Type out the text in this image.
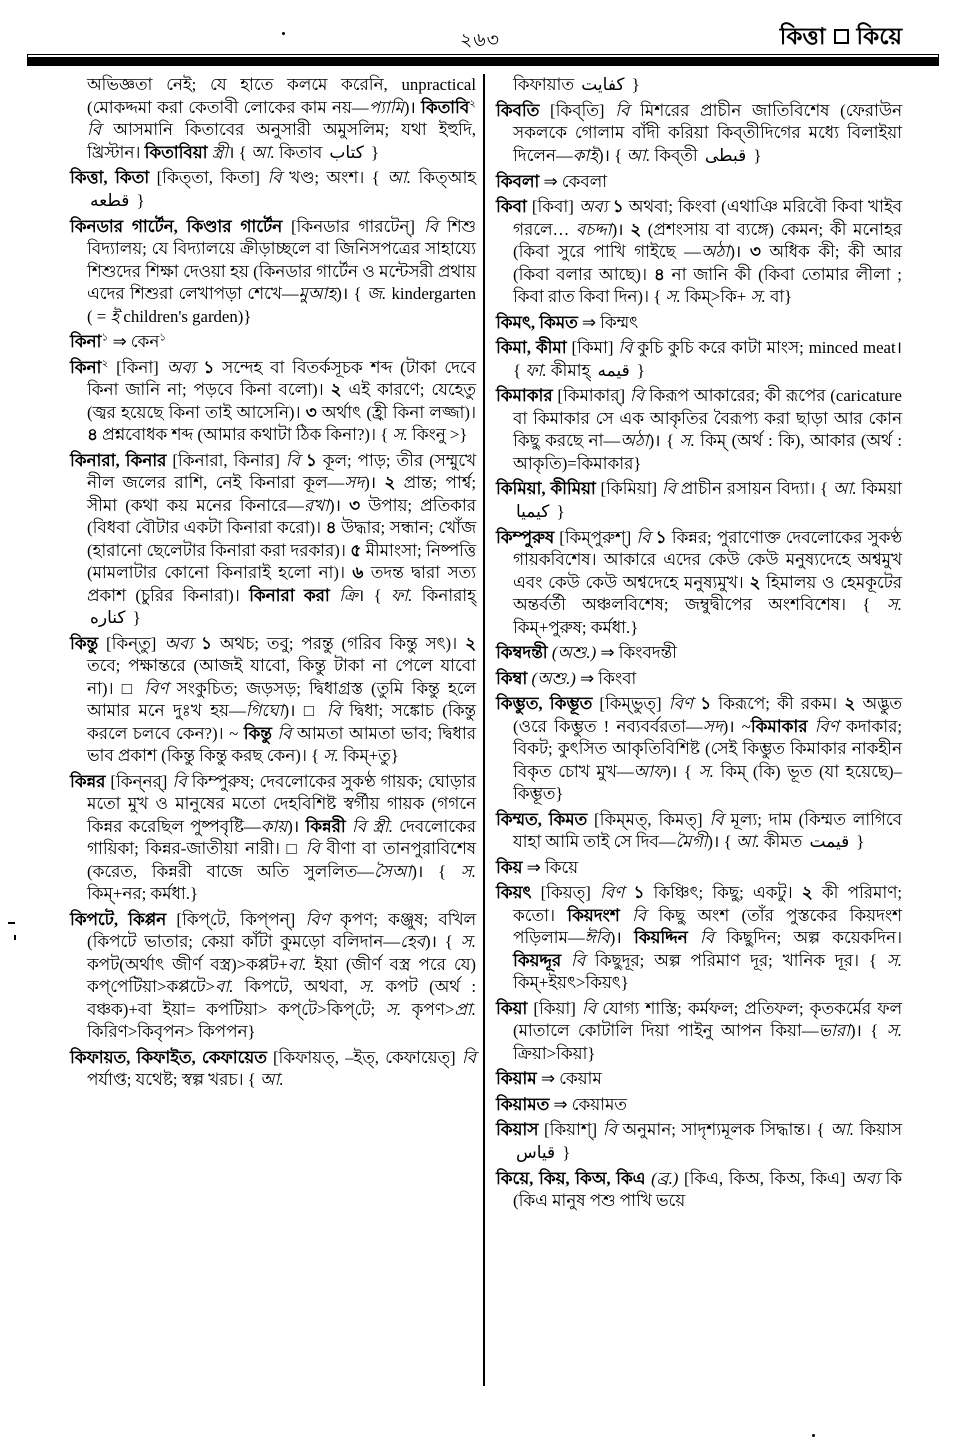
২৬৩	কিত্তা কিয়ে

অভিজ্ঞতা নেই; যে হাতে কলমে করেনি, unpractical (মোকদ্দমা করা কেতাবী লোকের কাম নয়—প্যামি)। কিতাবি$^২$ বি আসমানি কিতাবের অনুসারী অমুসলিম; যথা ইহুদি, খ্রিস্টান। কিতাবিয়া স্ত্রী। { আ. কিতাব كتاب }

কিত্তা, কিতা [কিত্‌তা, কিতা] বি খণ্ড; অংশ। { আ. কিত্‌আহ قطعه }

কিনডার গার্টেন, কিণ্ডার গার্টেন [কিনডার গারটেন্] বি শিশু বিদ্যালয়; যে বিদ্যালয়ে ক্রীড়াচ্ছলে বা জিনিসপত্রের সাহায্যে শিশুদের শিক্ষা দেওয়া হয় (কিনডার গার্টেন ও মন্টেসরী প্রথায় এদের শিশুরা লেখাপড়া শেখে—মুআহ)। { জ. kindergarten ( = ই children's garden)}

কিনা$^১$ ⇒ কেন$^১$

কিনা$^২$ [কিনা] অব্য ১ সন্দেহ বা বিতর্কসূচক শব্দ (টাকা দেবে কিনা জানি না; পড়বে কিনা বলো)। ২ এই কারণে; যেহেতু (জ্বর হয়েছে কিনা তাই আসেনি)। ৩ অর্থাৎ (হ্রী কিনা লজ্জা)। ৪ প্রশ্নবোধক শব্দ (আমার কথাটা ঠিক কিনা?)। { স. কিংনু >}

কিনারা, কিনার [কিনারা, কিনার] বি ১ কূল; পাড়; তীর (সম্মুখে নীল জলের রাশি, নেই কিনারা কূল—সদ)। ২ প্রান্ত; পার্শ্ব; সীমা (কথা কয় মনের কিনারে—রখা)। ৩ উপায়; প্রতিকার (বিধবা বৌটার একটা কিনারা করো)। ৪ উদ্ধার; সন্ধান; খোঁজ (হারানো ছেলেটার কিনারা করা দরকার)। ৫ মীমাংসা; নিষ্পত্তি (মামলাটার কোনো কিনারাই হলো না)। ৬ তদন্ত দ্বারা সত্য প্রকাশ (চুরির কিনারা)। কিনারা করা ক্রি। { ফা. কিনারাহ্ كناره }

কিন্তু [কিন্‌তু] অব্য ১ অথচ; তবু; পরন্তু (গরিব কিন্তু সৎ)। ২ তবে; পক্ষান্তরে (আজই যাবো, কিন্তু টাকা না পেলে যাবো না)। □ বিণ সংকুচিত; জড়সড়; দ্বিধাগ্রস্ত (তুমি কিন্তু হলে আমার মনে দুঃখ হয়—গিঘো)। □ বি দ্বিধা; সঙ্কোচ (কিন্তু করলে চলবে কেন?)। ~ কিন্তু বি আমতা আমতা ভাব; দ্বিধার ভাব প্রকাশ (কিন্তু কিন্তু করছ কেন)। { স. কিম্+তু}

কিন্নর [কিন্‌নর্] বি কিম্পুরুষ; দেবলোকের সুকণ্ঠ গায়ক; ঘোড়ার মতো মুখ ও মানুষের মতো দেহবিশিষ্ট স্বর্গীয় গায়ক (গগনে কিন্নর করেছিল পুষ্পবৃষ্টি—কায়)। কিন্নরী বি স্ত্রী. দেবলোকের গায়িকা; কিন্নর-জাতীয়া নারী। □ বি বীণা বা তানপুরাবিশেষ (করেত, কিন্নরী বাজে অতি সুললিত—সৈআ)। { স. কিম্+নর; কর্মধা.}

কিপটে, কিপ্পন [কিপ্‌টে, কিপ্‌পন্] বিণ কৃপণ; কঞ্জুষ; বখিল (কিপটে ভাতার; কেয়া কাঁটা কুমড়ো বলিদান—হেব)। { স. কপট(অর্থাৎ জীর্ণ বস্ত্র)>কপ্পট+বা. ইয়া (জীর্ণ বস্ত্র পরে যে) কপ্‌পেটিয়া>কপ্পটে>বা. কিপটে, অথবা, স. কপট (অর্থ : বঞ্চক)+বা ইয়া= কপটিয়া> কপ্‌টে>কিপ্‌টে; স. কৃপণ>প্রা. কিরিণ>কিবৃপন> কিপপন}

কিফায়ত, কিফাইত, কেফায়েত [কিফায়ত্, –ইত্, কেফায়েত্] বি পর্যাপ্ত; যথেষ্ট; স্বল্প খরচ। { আ.

কিফায়াত كفايت }

কিবতি [কিব্‌তি] বি মিশরের প্রাচীন জাতিবিশেষ (ফেরাউন সকলকে গোলাম বাঁদী করিয়া কিব্‌তীদিগের মধ্যে বিলাইয়া দিলেন—কাই)। { আ. কিব্‌তী قبطى }

কিবলা ⇒ কেবলা

কিবা [কিবা] অব্য ১ অথবা; কিংবা (এথাঞি মরিবৌ কিবা খাইব গরলে… বচদ্দা)। ২ (প্রশংসায় বা ব্যঙ্গে) কেমন; কী মনোহর (কিবা সুরে পাখি গাইছে —অঠা)। ৩ অধিক কী; কী আর (কিবা বলার আছে)। ৪ না জানি কী (কিবা তোমার লীলা ; কিবা রাত কিবা দিন)। { স. কিম্>কি+ স. বা}

কিমৎ, কিমত ⇒ কিম্মৎ

কিমা, কীমা [কিমা] বি কুচি কুচি করে কাটা মাংস; minced meat। { ফা. কীমাহ্ قيمه }

কিমাকার [কিমাকার্] বি কিরূপ আকারের; কী রূপের (caricature বা কিমাকার সে এক আকৃতির বৈরূপ্য করা ছাড়া আর কোন কিছু করছে না—অঠা)। { স. কিম্ (অর্থ : কি), আকার (অর্থ : আকৃতি)=কিমাকার}

কিমিয়া, কীমিয়া [কিমিয়া] বি প্রাচীন রসায়ন বিদ্যা। { আ. কিময়া كيميا }

কিম্পুরুষ [কিম্‌পুরুশ্] বি ১ কিন্নর; পুরাণোক্ত দেবলোকের সুকণ্ঠ গায়কবিশেষ। আকারে এদের কেউ কেউ মনুষ্যদেহে অশ্বমুখ এবং কেউ কেউ অশ্বদেহে মনুষ্যমুখ। ২ হিমালয় ও হেমকূটের অন্তর্বর্তী অঞ্চলবিশেষ; জম্বুদ্বীপের অংশবিশেষ। { স. কিম্+পুরুষ; কর্মধা.}

কিম্বদন্তী (অশু.) ⇒ কিংবদন্তী

কিম্বা (অশু.) ⇒ কিংবা

কিম্ভুত, কিম্ভূত [কিম্‌ভুত্] বিণ ১ কিরূপে; কী রকম। ২ অদ্ভুত (ওরে কিম্ভুত ! নব্যবর্বরতা—সদ)। ~কিমাকার বিণ কদাকার; বিকট; কুৎসিত আকৃতিবিশিষ্ট (সেই কিম্ভুত কিমাকার নাকহীন বিকৃত চোখ মুখ—আফ)। { স. কিম্ (কি) ভূত (যা হয়েছে)–কিম্ভূত}

কিম্মত, কিমত [কিম্‌মত্, কিমত্] বি মূল্য; দাম (কিম্মত লাগিবে যাহা আমি তাই সে দিব—মৈগী)। { আ. কীমত قيمت }

কিয় ⇒ কিয়ে

কিয়ৎ [কিয়ত্] বিণ ১ কিঞ্চিৎ; কিছু; একটু। ২ কী পরিমাণ; কতো। কিয়দংশ বি কিছু অংশ (তাঁর পুস্তকের কিয়দংশ পড়িলাম—ঈবি)। কিয়দ্দিন বি কিছুদিন; অল্প কয়েকদিন। কিয়দ্দূর বি কিছুদূর; অল্প পরিমাণ দূর; খানিক দূর। { স. কিম্+ইয়ৎ>কিয়ৎ}

কিয়া [কিয়া] বি যোগ্য শাস্তি; কর্মফল; প্রতিফল; কৃতকর্মের ফল (মাতালে কোটালি দিয়া পাইনু আপন কিয়া—ভারা)। { স. ক্রিয়া>কিয়া}

কিয়াম ⇒ কেয়াম

কিয়ামত ⇒ কেয়ামত

কিয়াস [কিয়াশ্] বি অনুমান; সাদৃশ্যমূলক সিদ্ধান্ত। { আ. কিয়াস قياس }

কিয়ে, কিয়, কিঅ, কিএ (ব্র.) [কিএ, কিঅ, কিঅ, কিএ] অব্য কি (কিএ মানুষ পশু পাখি ভয়ে
